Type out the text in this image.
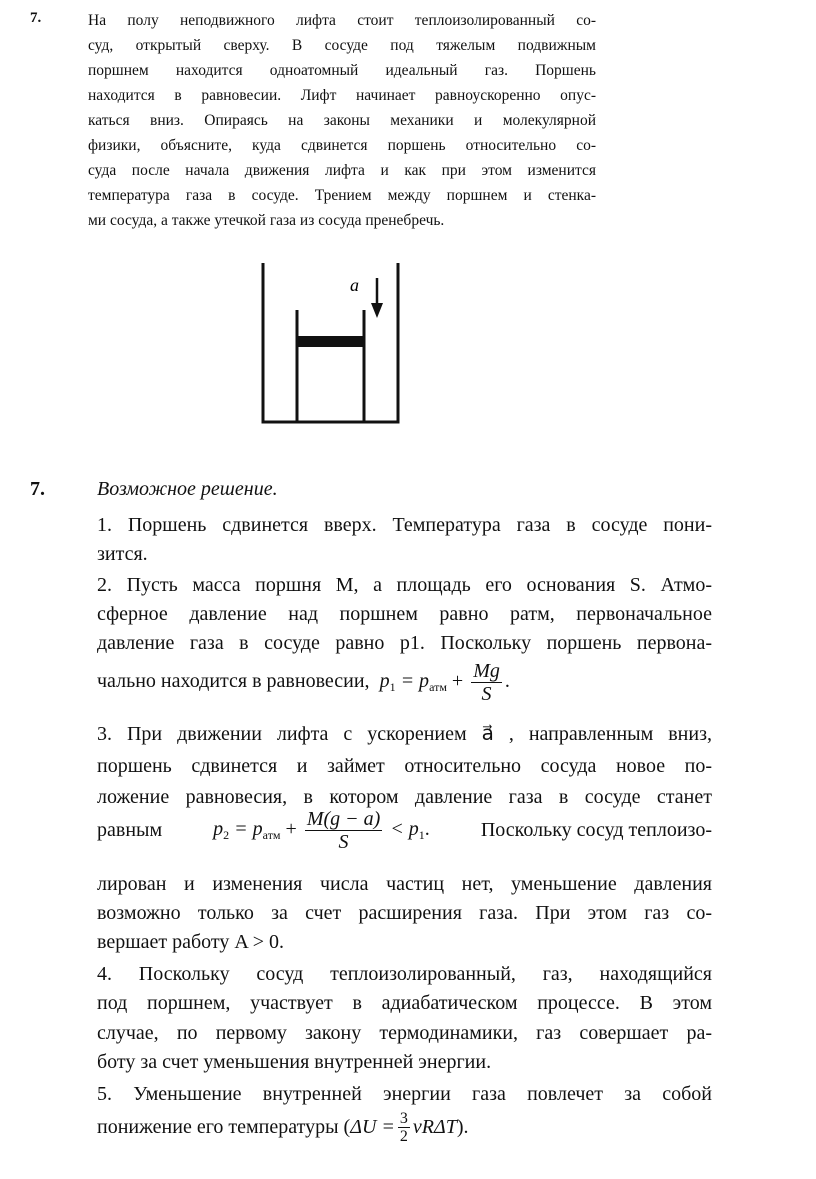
7.	На полу неподвижного лифта стоит теплоизолированный со-
суд, открытый сверху. В сосуде под тяжелым подвижным
поршнем находится одноатомный идеальный газ. Поршень
находится в равновесии. Лифт начинает равноускоренно опус-
каться вниз. Опираясь на законы механики и молекулярной
физики, объясните, куда сдвинется поршень относительно со-
суда после начала движения лифта и как при этом изменится
температура газа в сосуде. Трением между поршнем и стенка-
ми сосуда, а также утечкой газа из сосуда пренебречь.
a⃗
7.	Возможное решение.
1. Поршень сдвинется вверх. Температура газа в сосуде пони-
зится.
2. Пусть масса поршня M, а площадь его основания S. Атмо-
сферное давление над поршнем равно pатм, первоначальное
давление газа в сосуде равно p1. Поскольку поршень первона-
чально находится в равновесии, $p_1 = p_{атм} + \frac{Mg}{S}$ .
3. При движении лифта с ускорением a⃗ , направленным вниз,
поршень сдвинется и займет относительно сосуда новое по-
ложение равновесия, в котором давление газа в сосуде станет
равным	$p_2 = p_{атм} + \frac{M(g - a)}{S} < p_1$.	Поскольку сосуд теплоизо-
лирован и изменения числа частиц нет, уменьшение давления
возможно только за счет расширения газа. При этом газ со-
вершает работу A > 0.
4. Поскольку сосуд теплоизолированный, газ, находящийся
под поршнем, участвует в адиабатическом процессе. В этом
случае, по первому закону термодинамики, газ совершает ра-
боту за счет уменьшения внутренней энергии.
5. Уменьшение внутренней энергии газа повлечет за собой
понижение его температуры ( $\Delta U = \frac{3}{2}$ νRΔT ).
